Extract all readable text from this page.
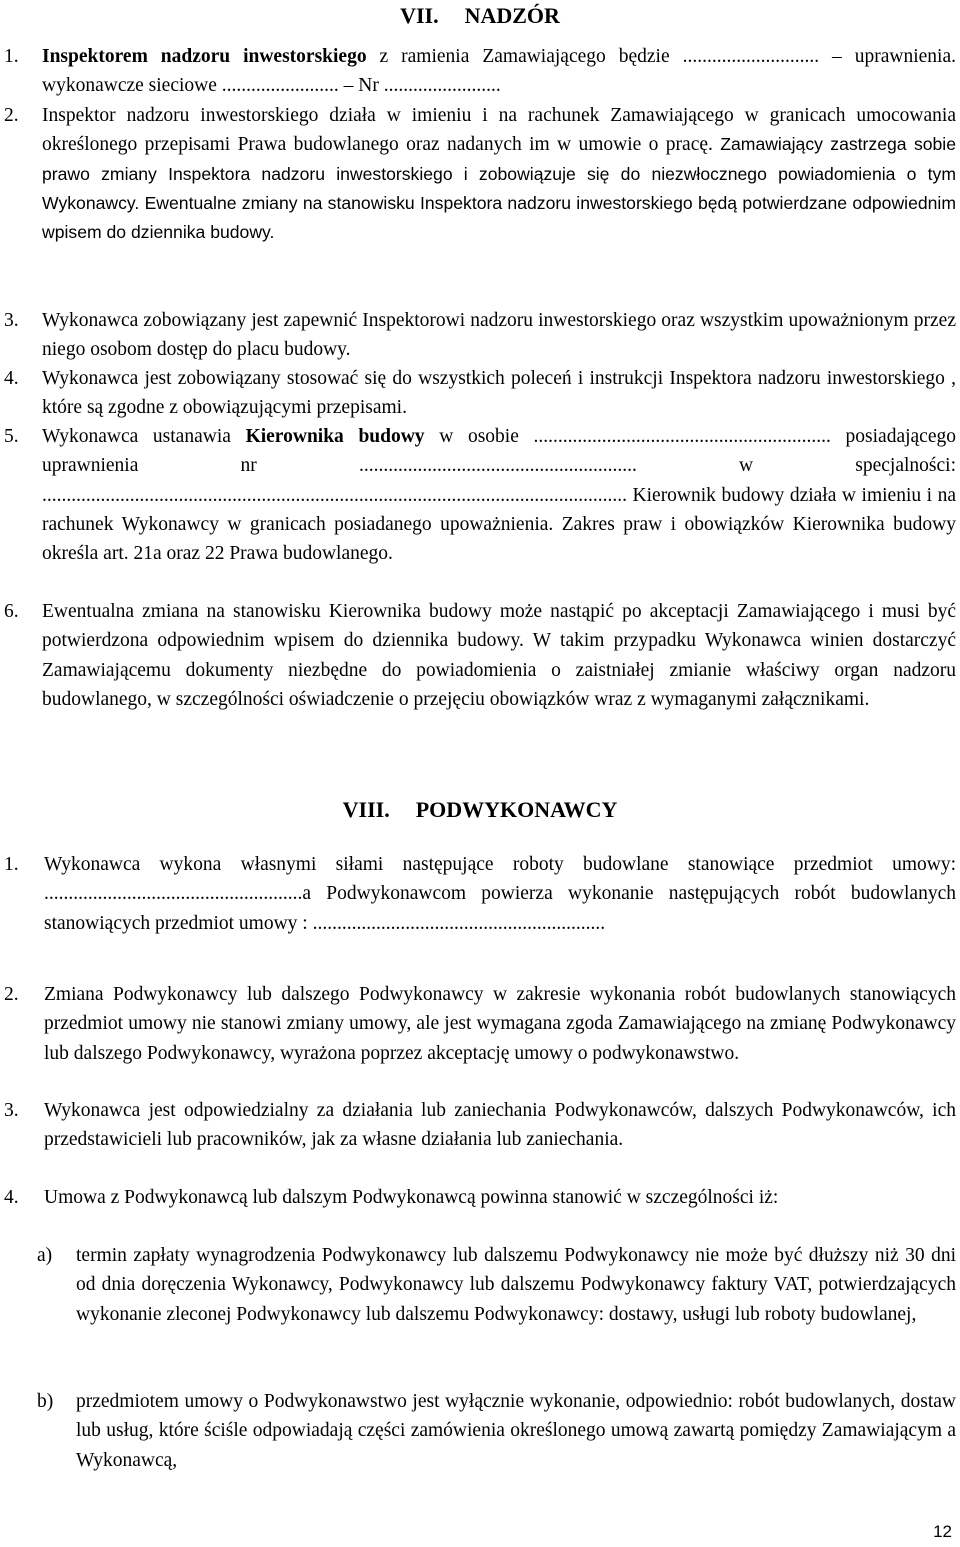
VII. NADZÓR
1. Inspektorem nadzoru inwestorskiego z ramienia Zamawiającego będzie ............................ – uprawnienia. wykonawcze sieciowe ........................ – Nr ........................
2. Inspektor nadzoru inwestorskiego działa w imieniu i na rachunek Zamawiającego w granicach umocowania określonego przepisami Prawa budowlanego oraz nadanych im w umowie o pracę. Zamawiający zastrzega sobie prawo zmiany Inspektora nadzoru inwestorskiego i zobowiązuje się do niezwłocznego powiadomienia o tym Wykonawcy. Ewentualne zmiany na stanowisku Inspektora nadzoru inwestorskiego będą potwierdzane odpowiednim wpisem do dziennika budowy.
3. Wykonawca zobowiązany jest zapewnić Inspektorowi nadzoru inwestorskiego oraz wszystkim upoważnionym przez niego osobom dostęp do placu budowy.
4. Wykonawca jest zobowiązany stosować się do wszystkich poleceń i instrukcji Inspektora nadzoru inwestorskiego , które są zgodne z obowiązującymi przepisami.
5. Wykonawca ustanawia Kierownika budowy w osobie ............................................................. posiadającego uprawnienia nr ......................................................... w specjalności: ........................................................................................................................ Kierownik budowy działa w imieniu i na rachunek Wykonawcy w granicach posiadanego upoważnienia. Zakres praw i obowiązków Kierownika budowy określa art. 21a oraz 22 Prawa budowlanego.
6. Ewentualna zmiana na stanowisku Kierownika budowy może nastąpić po akceptacji Zamawiającego i musi być potwierdzona odpowiednim wpisem do dziennika budowy. W takim przypadku Wykonawca winien dostarczyć Zamawiającemu dokumenty niezbędne do powiadomienia o zaistniałej zmianie właściwy organ nadzoru budowlanego, w szczególności oświadczenie o przejęciu obowiązków wraz z wymaganymi załącznikami.
VIII. PODWYKONAWCY
1. Wykonawca wykona własnymi siłami następujące roboty budowlane stanowiące przedmiot umowy: .....................................................a Podwykonawcom powierza wykonanie następujących robót budowlanych stanowiących przedmiot umowy : ............................................................
2. Zmiana Podwykonawcy lub dalszego Podwykonawcy w zakresie wykonania robót budowlanych stanowiących przedmiot umowy nie stanowi zmiany umowy, ale jest wymagana zgoda Zamawiającego na zmianę Podwykonawcy lub dalszego Podwykonawcy, wyrażona poprzez akceptację umowy o podwykonawstwo.
3. Wykonawca jest odpowiedzialny za działania lub zaniechania Podwykonawców, dalszych Podwykonawców, ich przedstawicieli lub pracowników, jak za własne działania lub zaniechania.
4. Umowa z Podwykonawcą lub dalszym Podwykonawcą powinna stanowić w szczególności iż:
a) termin zapłaty wynagrodzenia Podwykonawcy lub dalszemu Podwykonawcy nie może być dłuższy niż 30 dni od dnia doręczenia Wykonawcy, Podwykonawcy lub dalszemu Podwykonawcy faktury VAT, potwierdzających wykonanie zleconej Podwykonawcy lub dalszemu Podwykonawcy: dostawy, usługi lub roboty budowlanej,
b) przedmiotem umowy o Podwykonawstwo jest wyłącznie wykonanie, odpowiednio: robót budowlanych, dostaw lub usług, które ściśle odpowiadają części zamówienia określonego umową zawartą pomiędzy Zamawiającym a Wykonawcą,
12
